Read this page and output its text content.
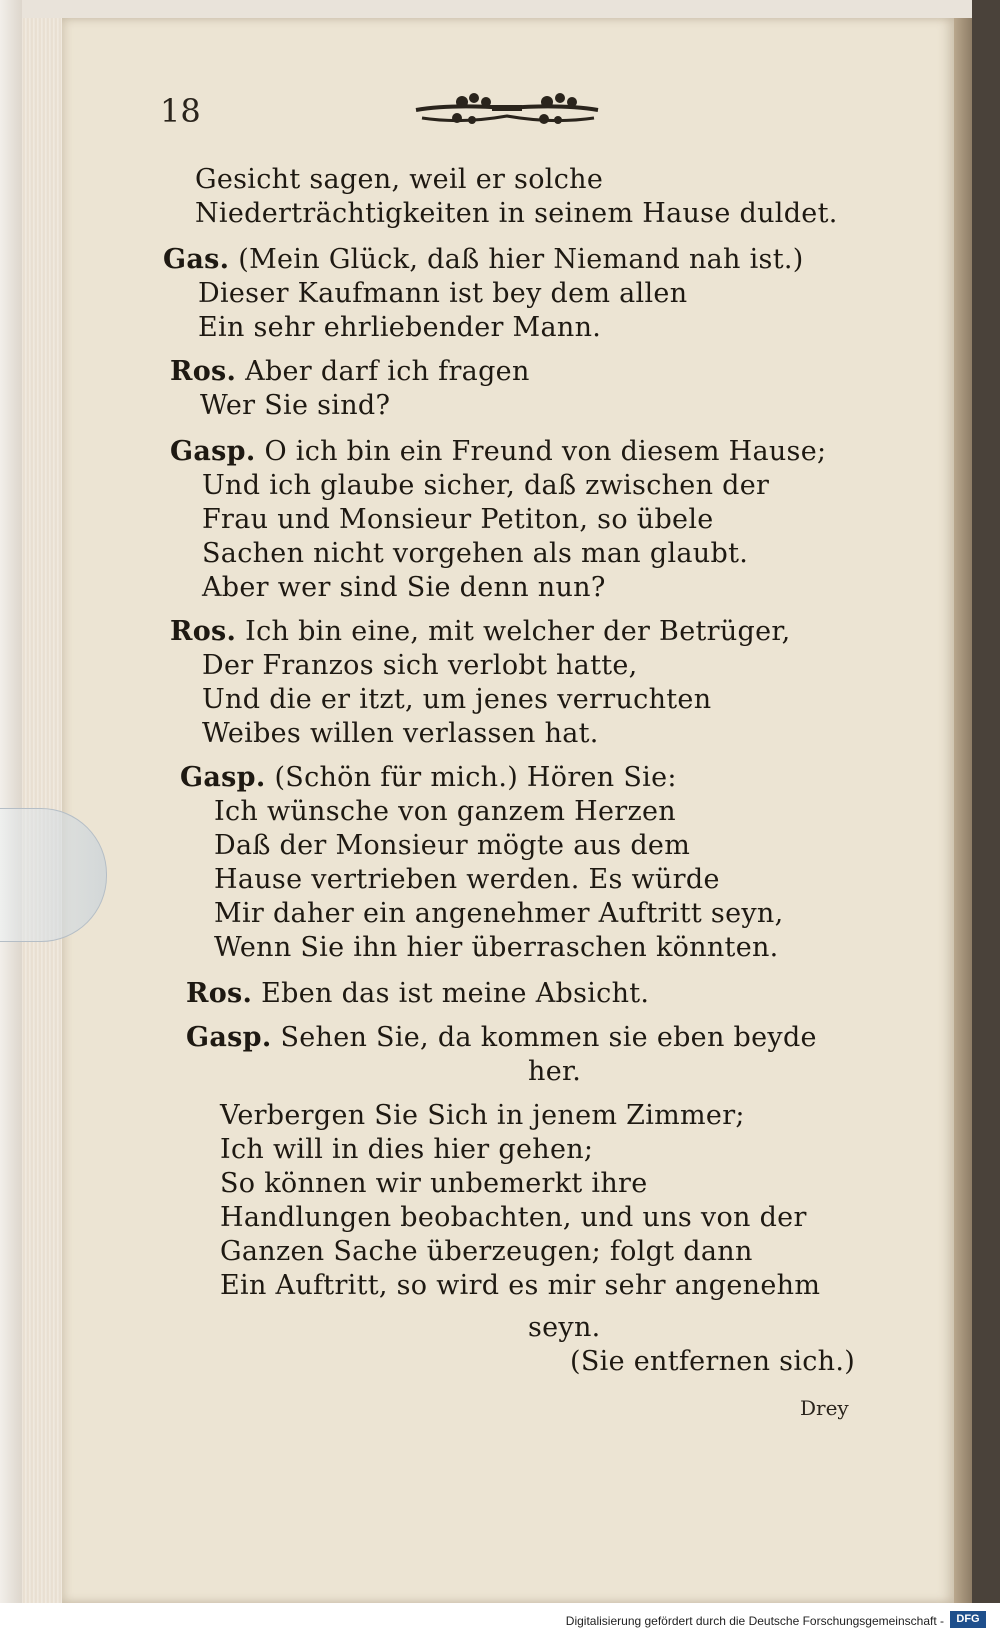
18
Gesicht sagen, weil er solche
Niederträchtigkeiten in seinem Hause duldet.
Gas. (Mein Glück, daß hier Niemand nah ist.)
Dieser Kaufmann ist bey dem allen
Ein sehr ehrliebender Mann.
Ros. Aber darf ich fragen
Wer Sie sind?
Gasp. O ich bin ein Freund von diesem Hause;
Und ich glaube sicher, daß zwischen der
Frau und Monsieur Petiton, so übele
Sachen nicht vorgehen als man glaubt.
Aber wer sind Sie denn nun?
Ros. Ich bin eine, mit welcher der Betrüger,
Der Franzos sich verlobt hatte,
Und die er itzt, um jenes verruchten
Weibes willen verlassen hat.
Gasp. (Schön für mich.) Hören Sie:
Ich wünsche von ganzem Herzen
Daß der Monsieur mögte aus dem
Hause vertrieben werden. Es würde
Mir daher ein angenehmer Auftritt seyn,
Wenn Sie ihn hier überraschen könnten.
Ros. Eben das ist meine Absicht.
Gasp. Sehen Sie, da kommen sie eben beyde
her.
Verbergen Sie Sich in jenem Zimmer;
Ich will in dies hier gehen;
So können wir unbemerkt ihre
Handlungen beobachten, und uns von der
Ganzen Sache überzeugen; folgt dann
Ein Auftritt, so wird es mir sehr angenehm
seyn.
(Sie entfernen sich.)
Drey
Digitalisierung gefördert durch die Deutsche Forschungsgemeinschaft -	DFG
